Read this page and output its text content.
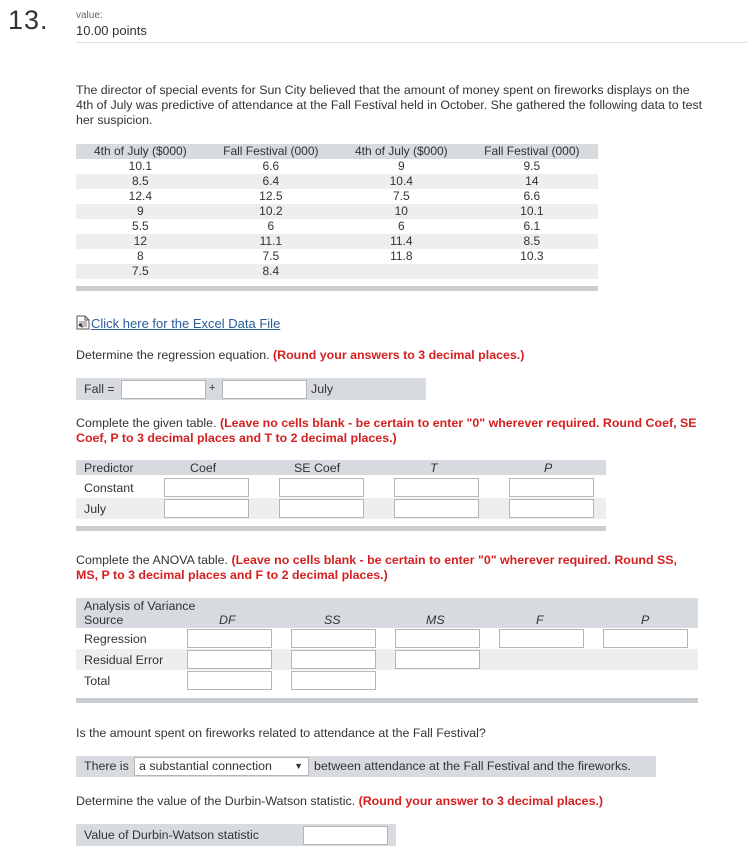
13.	value:
10.00 points
The director of special events for Sun City believed that the amount of money spent on fireworks displays on the 4th of July was predictive of attendance at the Fall Festival held in October. She gathered the following data to test her suspicion.
4th of July ($000)	Fall Festival (000)	4th of July ($000)	Fall Festival (000)
10.1	6.6	9	9.5
8.5	6.4	10.4	14
12.4	12.5	7.5	6.6
9	10.2	10	10.1
5.5	6	6	6.1
12	11.1	11.4	8.5
8	7.5	11.8	10.3
7.5	8.4		
Click here for the Excel Data File
Determine the regression equation. (Round your answers to 3 decimal places.)
Fall =	+	July
Complete the given table. (Leave no cells blank - be certain to enter "0" wherever required. Round Coef, SE Coef, P to 3 decimal places and T to 2 decimal places.)
Predictor	Coef	SE Coef	T	P
Constant
July
Complete the ANOVA table. (Leave no cells blank - be certain to enter "0" wherever required. Round SS, MS, P to 3 decimal places and F to 2 decimal places.)
Analysis of Variance
Source	DF	SS	MS	F	P
Regression
Residual Error
Total
Is the amount spent on fireworks related to attendance at the Fall Festival?
There is a substantial connection ▼ between attendance at the Fall Festival and the fireworks.
Determine the value of the Durbin-Watson statistic. (Round your answer to 3 decimal places.)
Value of Durbin-Watson statistic
